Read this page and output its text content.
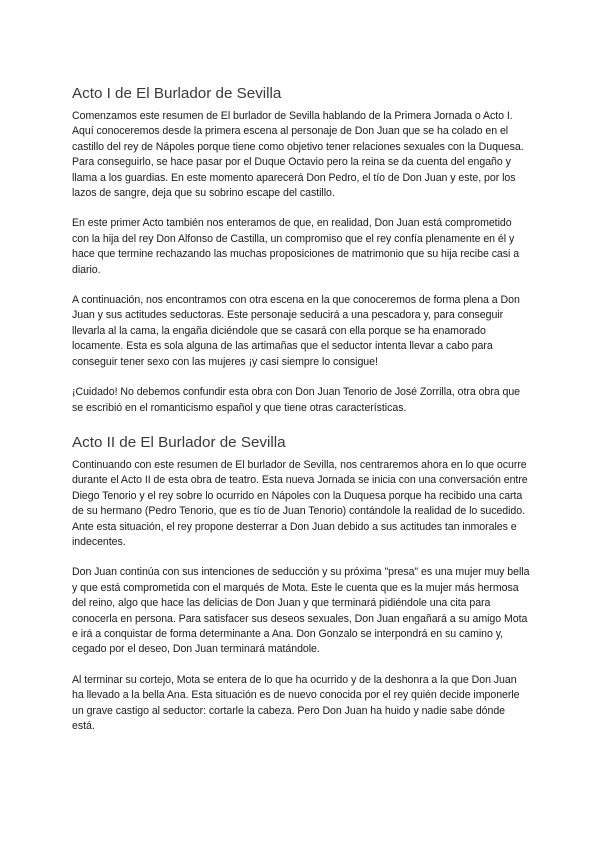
Acto I de El Burlador de Sevilla

Comenzamos este resumen de El burlador de Sevilla hablando de la Primera Jornada o Acto I. Aquí conoceremos desde la primera escena al personaje de Don Juan que se ha colado en el castillo del rey de Nápoles porque tiene como objetivo tener relaciones sexuales con la Duquesa. Para conseguirlo, se hace pasar por el Duque Octavio pero la reina se da cuenta del engaño y llama a los guardias. En este momento aparecerá Don Pedro, el tío de Don Juan y este, por los lazos de sangre, deja que su sobrino escape del castillo.

En este primer Acto también nos enteramos de que, en realidad, Don Juan está comprometido con la hija del rey Don Alfonso de Castilla, un compromiso que el rey confía plenamente en él y hace que termine rechazando las muchas proposiciones de matrimonio que su hija recibe casi a diario.

A continuación, nos encontramos con otra escena en la que conoceremos de forma plena a Don Juan y sus actitudes seductoras. Este personaje seducirá a una pescadora y, para conseguir llevarla al la cama, la engaña diciéndole que se casará con ella porque se ha enamorado locamente. Esta es sola alguna de las artimañas que el seductor intenta llevar a cabo para conseguir tener sexo con las mujeres ¡y casi siempre lo consigue!

¡Cuidado! No debemos confundir esta obra con Don Juan Tenorio de José Zorrilla, otra obra que se escribió en el romanticismo español y que tiene otras características.

Acto II de El Burlador de Sevilla

Continuando con este resumen de El burlador de Sevilla, nos centraremos ahora en lo que ocurre durante el Acto II de esta obra de teatro. Esta nueva Jornada se inicia con una conversación entre Diego Tenorio y el rey sobre lo ocurrido en Nápoles con la Duquesa porque ha recibido una carta de su hermano (Pedro Tenorio, que es tío de Juan Tenorio) contándole la realidad de lo sucedido. Ante esta situación, el rey propone desterrar a Don Juan debido a sus actitudes tan inmorales e indecentes.

Don Juan continúa con sus intenciones de seducción y su próxima "presa" es una mujer muy bella y que está comprometida con el marqués de Mota. Este le cuenta que es la mujer más hermosa del reino, algo que hace las delicias de Don Juan y que terminará pidiéndole una cita para conocerla en persona. Para satisfacer sus deseos sexuales, Don Juan engañará a su amigo Mota e irá a conquistar de forma determinante a Ana. Don Gonzalo se interpondrá en su camino y, cegado por el deseo, Don Juan terminará matándole.

Al terminar su cortejo, Mota se entera de lo que ha ocurrido y de la deshonra a la que Don Juan ha llevado a la bella Ana. Esta situación es de nuevo conocida por el rey quién decide imponerle un grave castigo al seductor: cortarle la cabeza. Pero Don Juan ha huido y nadie sabe dónde está.
